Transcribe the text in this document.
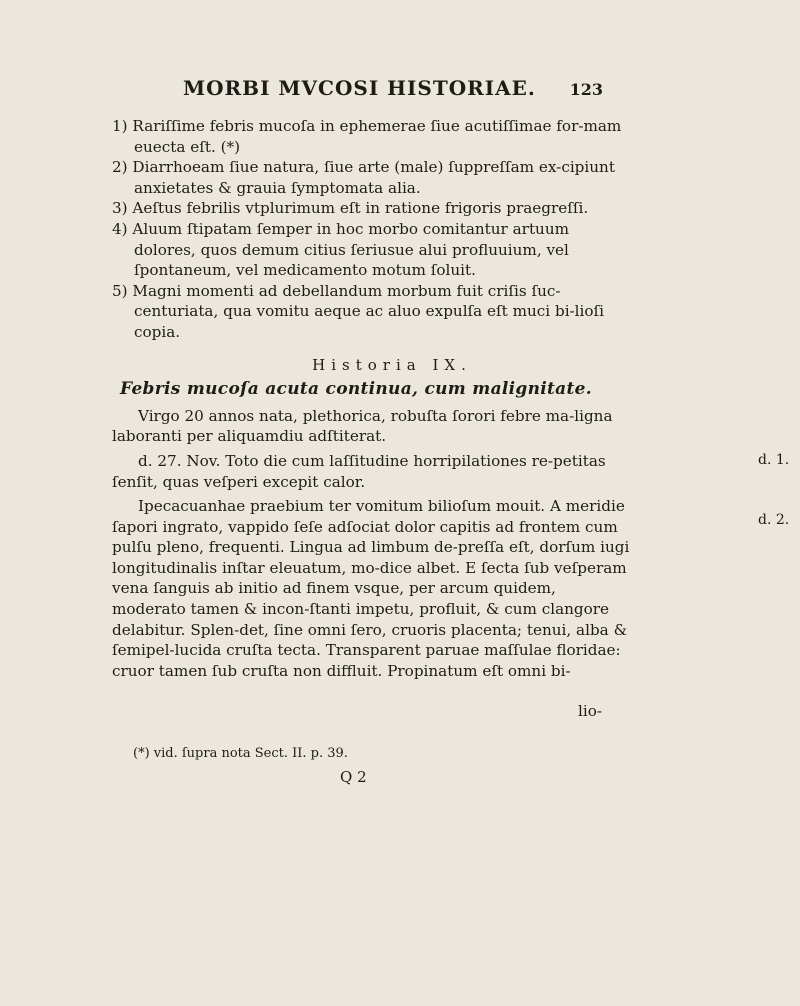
MORBI MVCOSI HISTORIAE. 123

1) Rariſſime febris mucoſa in ephemerae ſiue acutiſſimae for-mam euecta eſt. (*)

2) Diarrhoeam ſiue natura, ſiue arte (male) ſuppreſſam ex-cipiunt anxietates & grauia ſymptomata alia.

3) Aeſtus febrilis vtplurimum eſt in ratione frigoris praegreſſi.

4) Aluum ſtipatam ſemper in hoc morbo comitantur artuum dolores, quos demum citius ſeriusue alui profluuium, vel ſpontaneum, vel medicamento motum ſoluit.

5) Magni momenti ad debellandum morbum fuit criſis ſuc-centuriata, qua vomitu aeque ac aluo expulſa eſt muci bi-lioſi copia.

Historia IX.
Febris mucoſa acuta continua, cum malignitate.

Virgo 20 annos nata, plethorica, robuſta ſorori febre ma-ligna laboranti per aliquamdiu adſtiterat.

d. 27. Nov. Toto die cum laſſitudine horripilationes re-petitas ſenſit, quas veſperi excepit calor.

Ipecacuanhae praebium ter vomitum bilioſum mouit. A meridie ſapori ingrato, vappido ſeſe adſociat dolor capitis ad frontem cum pulſu pleno, frequenti. Lingua ad limbum de-preſſa eſt, dorſum iugi longitudinalis inſtar eleuatum, mo-dice albet. E ſecta ſub veſperam vena ſanguis ab initio ad finem vsque, per arcum quidem, moderato tamen & incon-ſtanti impetu, profluit, & cum clangore delabitur. Splen-det, ſine omni ſero, cruoris placenta; tenui, alba & ſemipel-lucida cruſta tecta. Transparent paruae maſſulae floridae: cruor tamen ſub cruſta non diffluit. Propinatum eſt omni bi-

lio-
d. 1.
d. 2.
(*) vid. ſupra nota Sect. II. p. 39.
Q 2
